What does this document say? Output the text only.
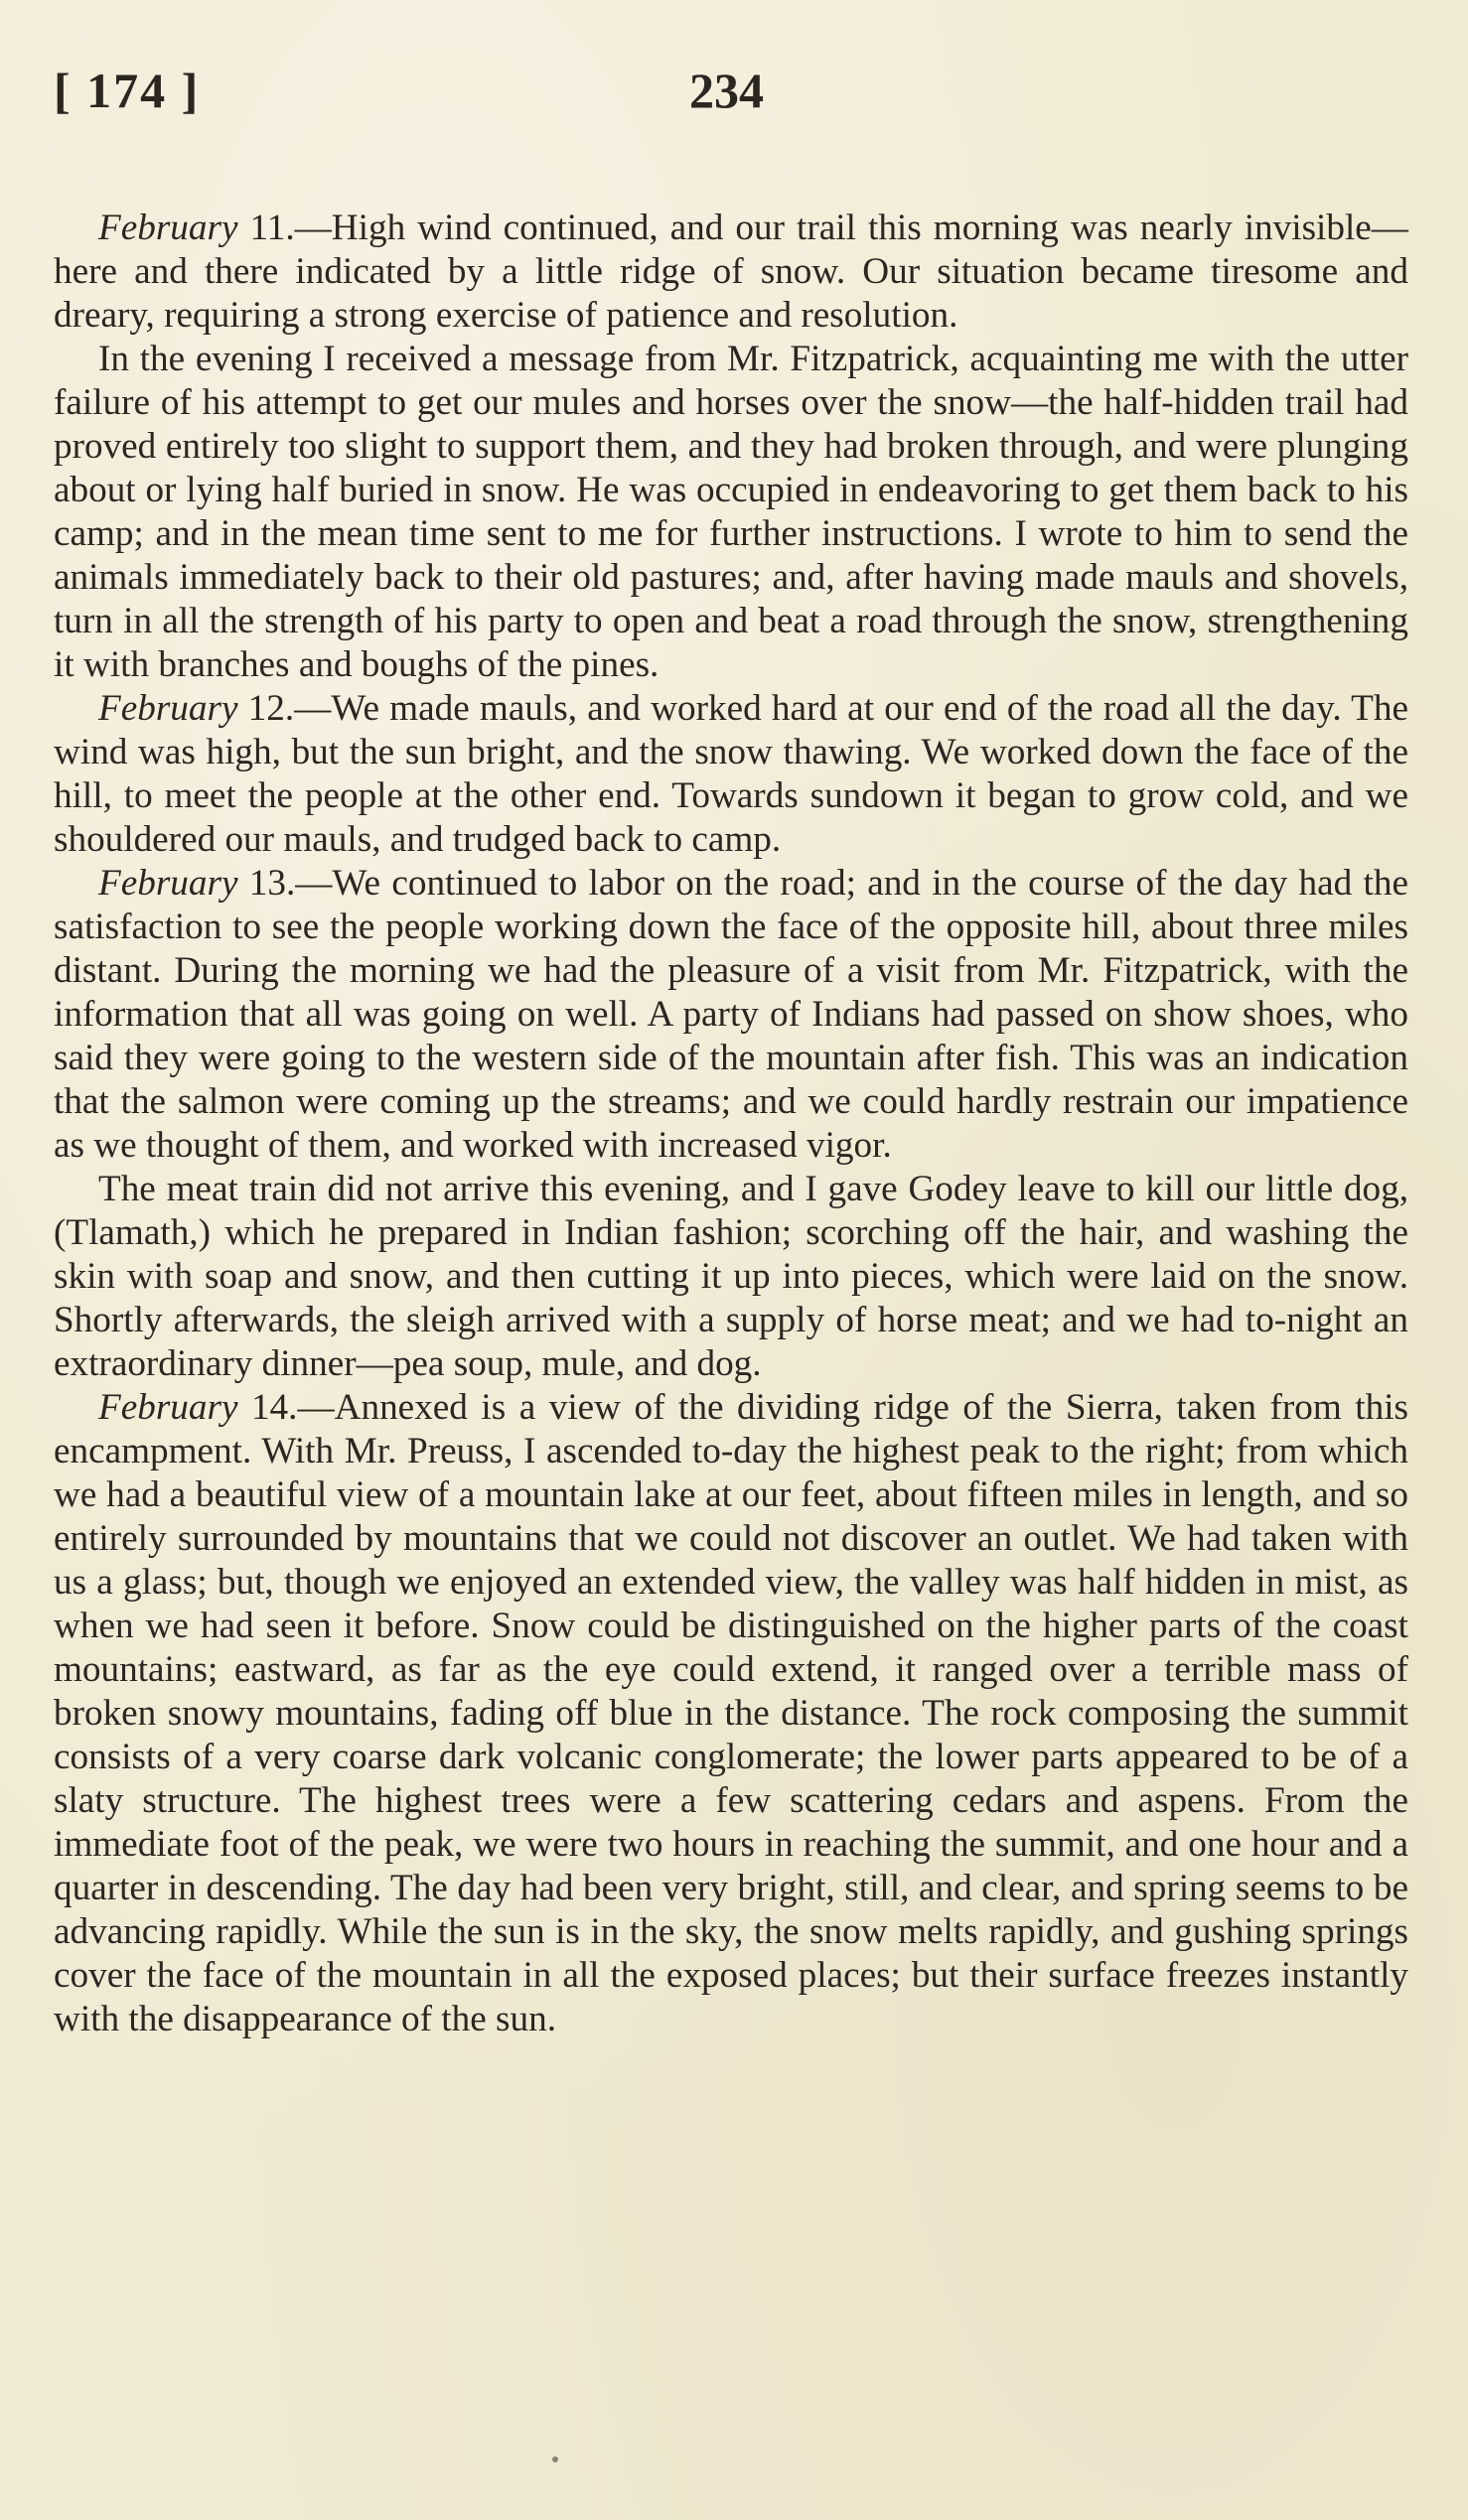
[ 174 ]	234

February 11.—High wind continued, and our trail this morning was nearly invisible—here and there indicated by a little ridge of snow. Our situation became tiresome and dreary, requiring a strong exercise of patience and resolution.

In the evening I received a message from Mr. Fitzpatrick, acquainting me with the utter failure of his attempt to get our mules and horses over the snow—the half-hidden trail had proved entirely too slight to support them, and they had broken through, and were plunging about or lying half buried in snow. He was occupied in endeavoring to get them back to his camp; and in the mean time sent to me for further instructions. I wrote to him to send the animals immediately back to their old pastures; and, after having made mauls and shovels, turn in all the strength of his party to open and beat a road through the snow, strengthening it with branches and boughs of the pines.

February 12.—We made mauls, and worked hard at our end of the road all the day. The wind was high, but the sun bright, and the snow thawing. We worked down the face of the hill, to meet the people at the other end. Towards sundown it began to grow cold, and we shouldered our mauls, and trudged back to camp.

February 13.—We continued to labor on the road; and in the course of the day had the satisfaction to see the people working down the face of the opposite hill, about three miles distant. During the morning we had the pleasure of a visit from Mr. Fitzpatrick, with the information that all was going on well. A party of Indians had passed on show shoes, who said they were going to the western side of the mountain after fish. This was an indication that the salmon were coming up the streams; and we could hardly restrain our impatience as we thought of them, and worked with increased vigor.

The meat train did not arrive this evening, and I gave Godey leave to kill our little dog, (Tlamath,) which he prepared in Indian fashion; scorching off the hair, and washing the skin with soap and snow, and then cutting it up into pieces, which were laid on the snow. Shortly afterwards, the sleigh arrived with a supply of horse meat; and we had to-night an extraordinary dinner—pea soup, mule, and dog.

February 14.—Annexed is a view of the dividing ridge of the Sierra, taken from this encampment. With Mr. Preuss, I ascended to-day the highest peak to the right; from which we had a beautiful view of a mountain lake at our feet, about fifteen miles in length, and so entirely surrounded by mountains that we could not discover an outlet. We had taken with us a glass; but, though we enjoyed an extended view, the valley was half hidden in mist, as when we had seen it before. Snow could be distinguished on the higher parts of the coast mountains; eastward, as far as the eye could extend, it ranged over a terrible mass of broken snowy mountains, fading off blue in the distance. The rock composing the summit consists of a very coarse dark volcanic conglomerate; the lower parts appeared to be of a slaty structure. The highest trees were a few scattering cedars and aspens. From the immediate foot of the peak, we were two hours in reaching the summit, and one hour and a quarter in descending. The day had been very bright, still, and clear, and spring seems to be advancing rapidly. While the sun is in the sky, the snow melts rapidly, and gushing springs cover the face of the mountain in all the exposed places; but their surface freezes instantly with the disappearance of the sun.
